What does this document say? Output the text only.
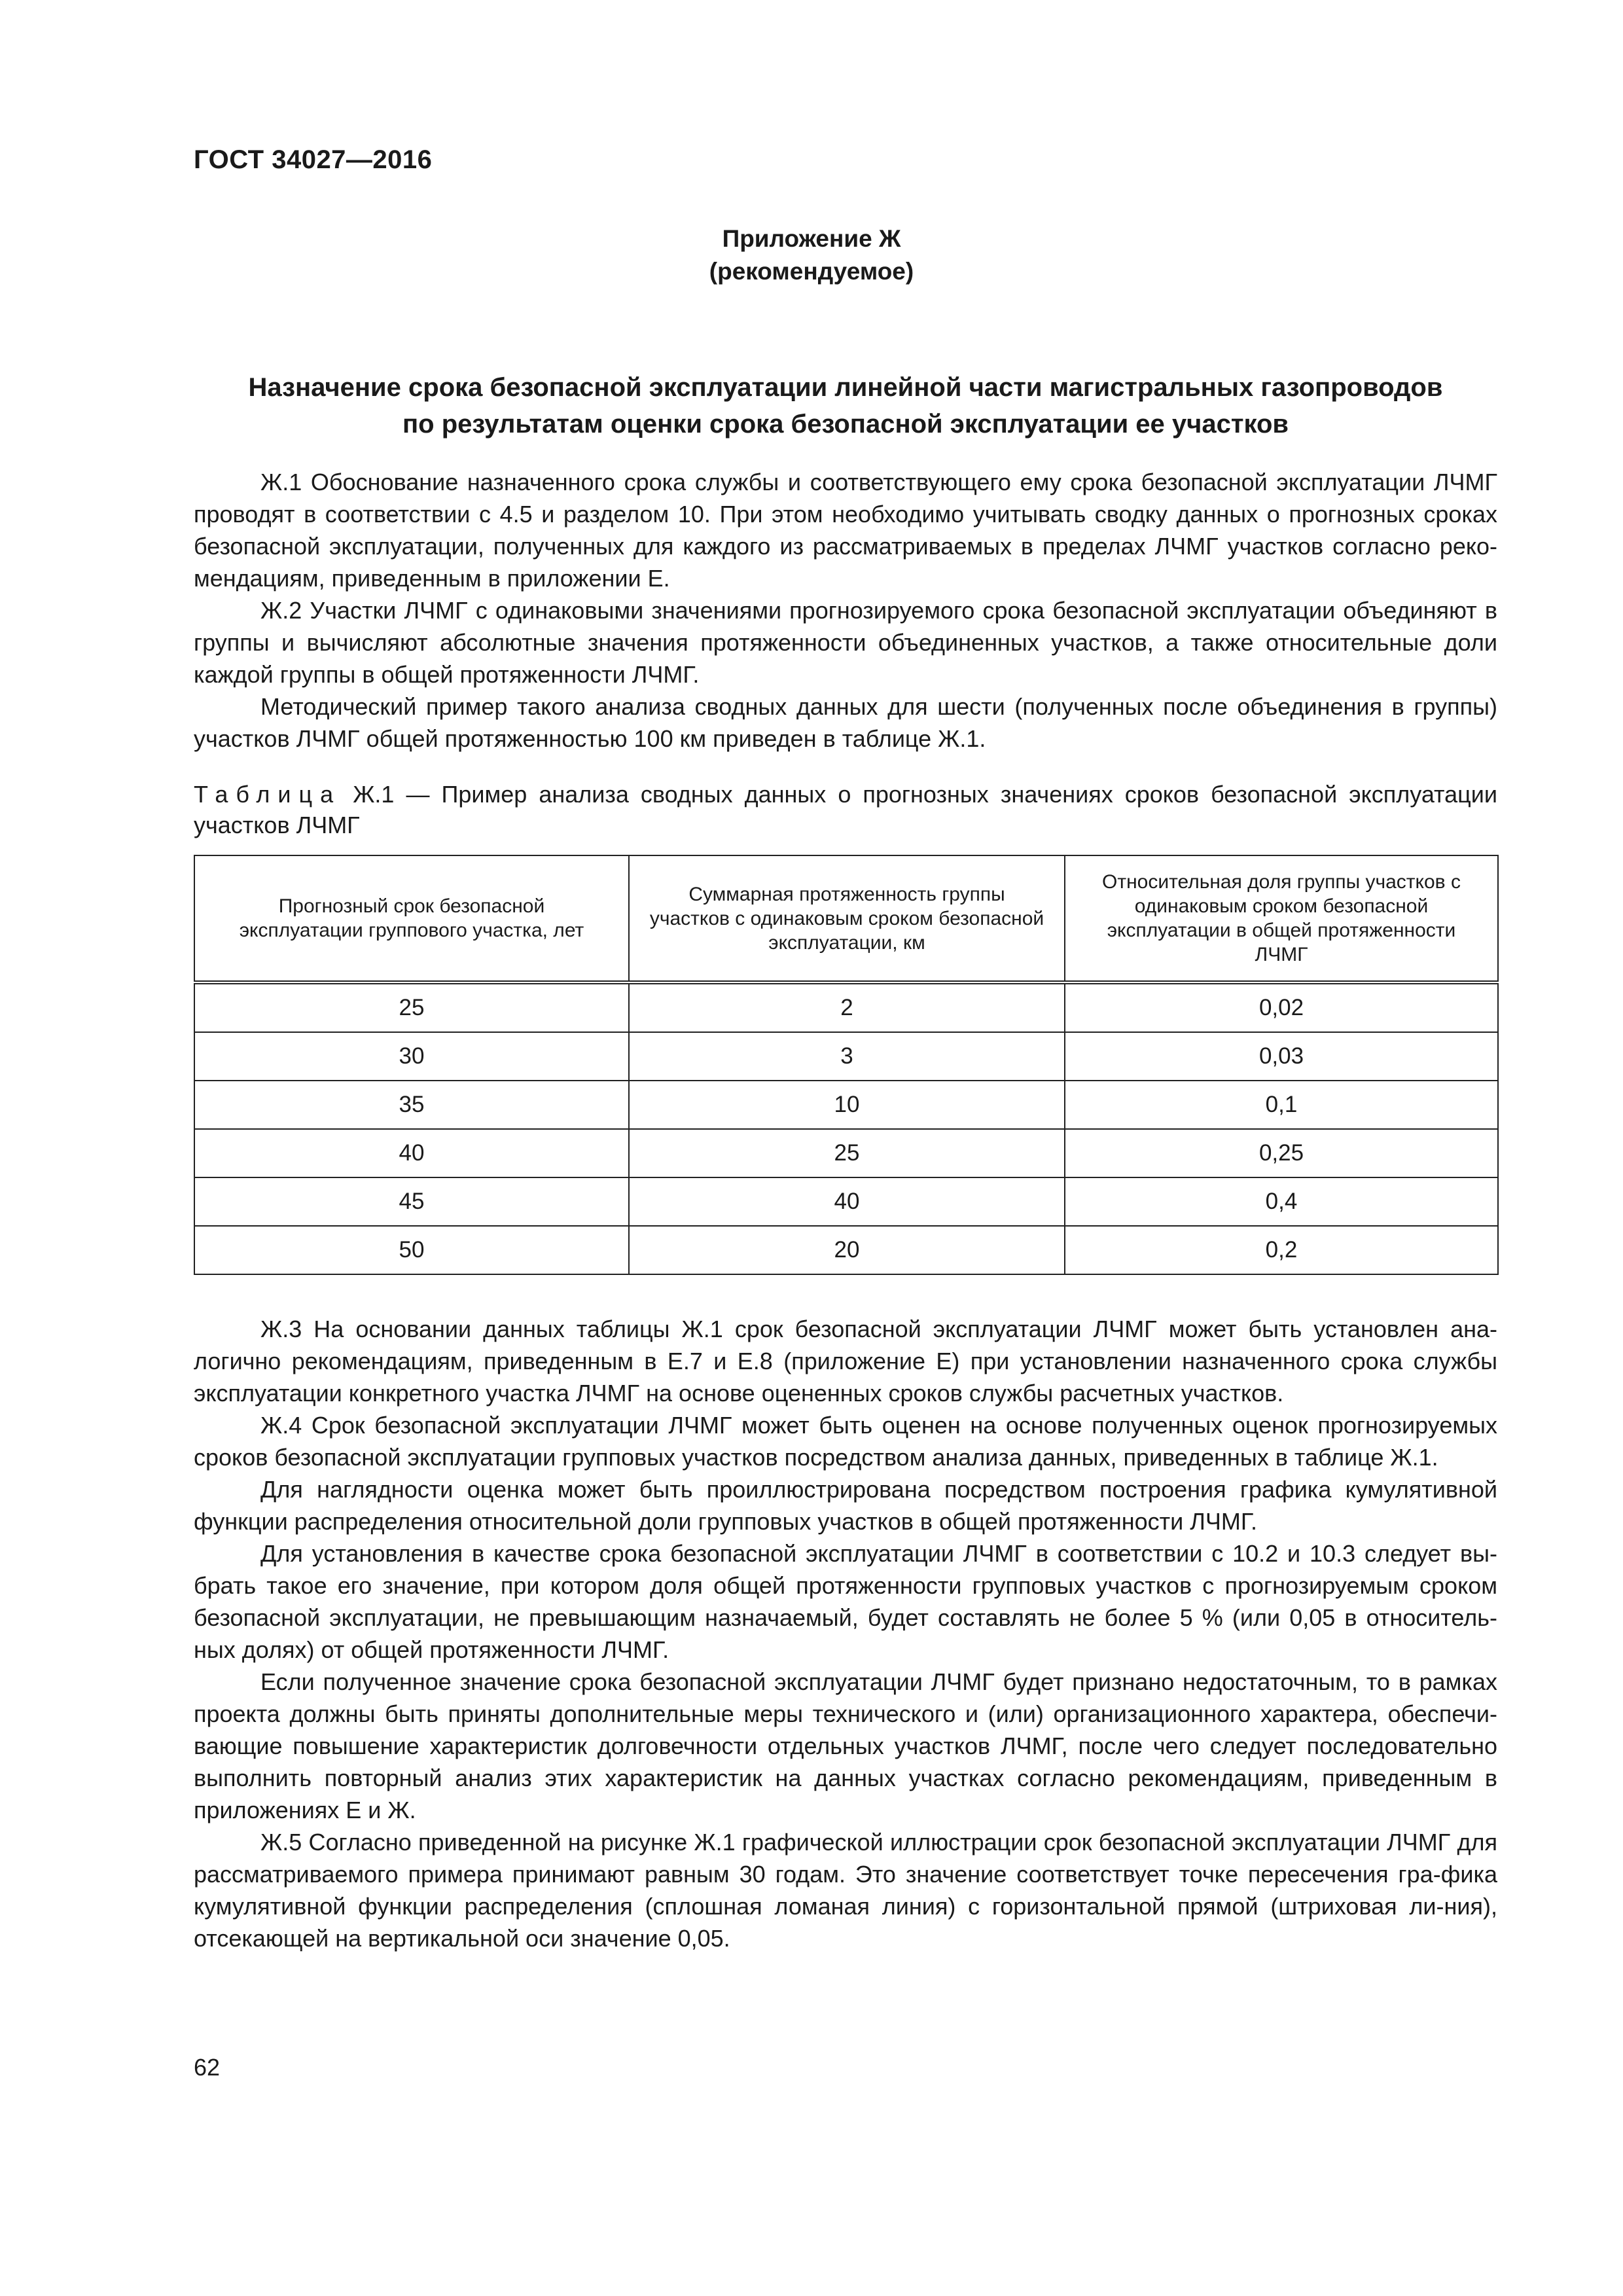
ГОСТ 34027—2016
Приложение Ж
(рекомендуемое)
Назначение срока безопасной эксплуатации линейной части магистральных газопроводов
по результатам оценки срока безопасной эксплуатации ее участков

Ж.1 Обоснование назначенного срока службы и соответствующего ему срока безопасной эксплуатации ЛЧМГ проводят в соответствии с 4.5 и разделом 10. При этом необходимо учитывать сводку данных о прогнозных сроках безопасной эксплуатации, полученных для каждого из рассматриваемых в пределах ЛЧМГ участков согласно реко-мендациям, приведенным в приложении Е.

Ж.2 Участки ЛЧМГ с одинаковыми значениями прогнозируемого срока безопасной эксплуатации объединяют в группы и вычисляют абсолютные значения протяженности объединенных участков, а также относительные доли каждой группы в общей протяженности ЛЧМГ.

Методический пример такого анализа сводных данных для шести (полученных после объединения в группы) участков ЛЧМГ общей протяженностью 100 км приведен в таблице Ж.1.

Таблица Ж.1 — Пример анализа сводных данных о прогнозных значениях сроков безопасной эксплуатации участков ЛЧМГ
Прогнозный срок безопасной эксплуатации группового участка, лет	Суммарная протяженность группы участков с одинаковым сроком безопасной эксплуатации, км	Относительная доля группы участков с одинаковым сроком безопасной эксплуатации в общей протяженности ЛЧМГ
25	2	0,02
30	3	0,03
35	10	0,1
40	25	0,25
45	40	0,4
50	20	0,2

Ж.3 На основании данных таблицы Ж.1 срок безопасной эксплуатации ЛЧМГ может быть установлен ана-логично рекомендациям, приведенным в Е.7 и Е.8 (приложение Е) при установлении назначенного срока службы эксплуатации конкретного участка ЛЧМГ на основе оцененных сроков службы расчетных участков.

Ж.4 Срок безопасной эксплуатации ЛЧМГ может быть оценен на основе полученных оценок прогнозируемых сроков безопасной эксплуатации групповых участков посредством анализа данных, приведенных в таблице Ж.1.

Для наглядности оценка может быть проиллюстрирована посредством построения графика кумулятивной функции распределения относительной доли групповых участков в общей протяженности ЛЧМГ.

Для установления в качестве срока безопасной эксплуатации ЛЧМГ в соответствии с 10.2 и 10.3 следует вы-брать такое его значение, при котором доля общей протяженности групповых участков с прогнозируемым сроком безопасной эксплуатации, не превышающим назначаемый, будет составлять не более 5 % (или 0,05 в относитель-ных долях) от общей протяженности ЛЧМГ.

Если полученное значение срока безопасной эксплуатации ЛЧМГ будет признано недостаточным, то в рамках проекта должны быть приняты дополнительные меры технического и (или) организационного характера, обеспечи-вающие повышение характеристик долговечности отдельных участков ЛЧМГ, после чего следует последовательно выполнить повторный анализ этих характеристик на данных участках согласно рекомендациям, приведенным в приложениях Е и Ж.

Ж.5 Согласно приведенной на рисунке Ж.1 графической иллюстрации срок безопасной эксплуатации ЛЧМГ для рассматриваемого примера принимают равным 30 годам. Это значение соответствует точке пересечения гра-фика кумулятивной функции распределения (сплошная ломаная линия) с горизонтальной прямой (штриховая ли-ния), отсекающей на вертикальной оси значение 0,05.

62
